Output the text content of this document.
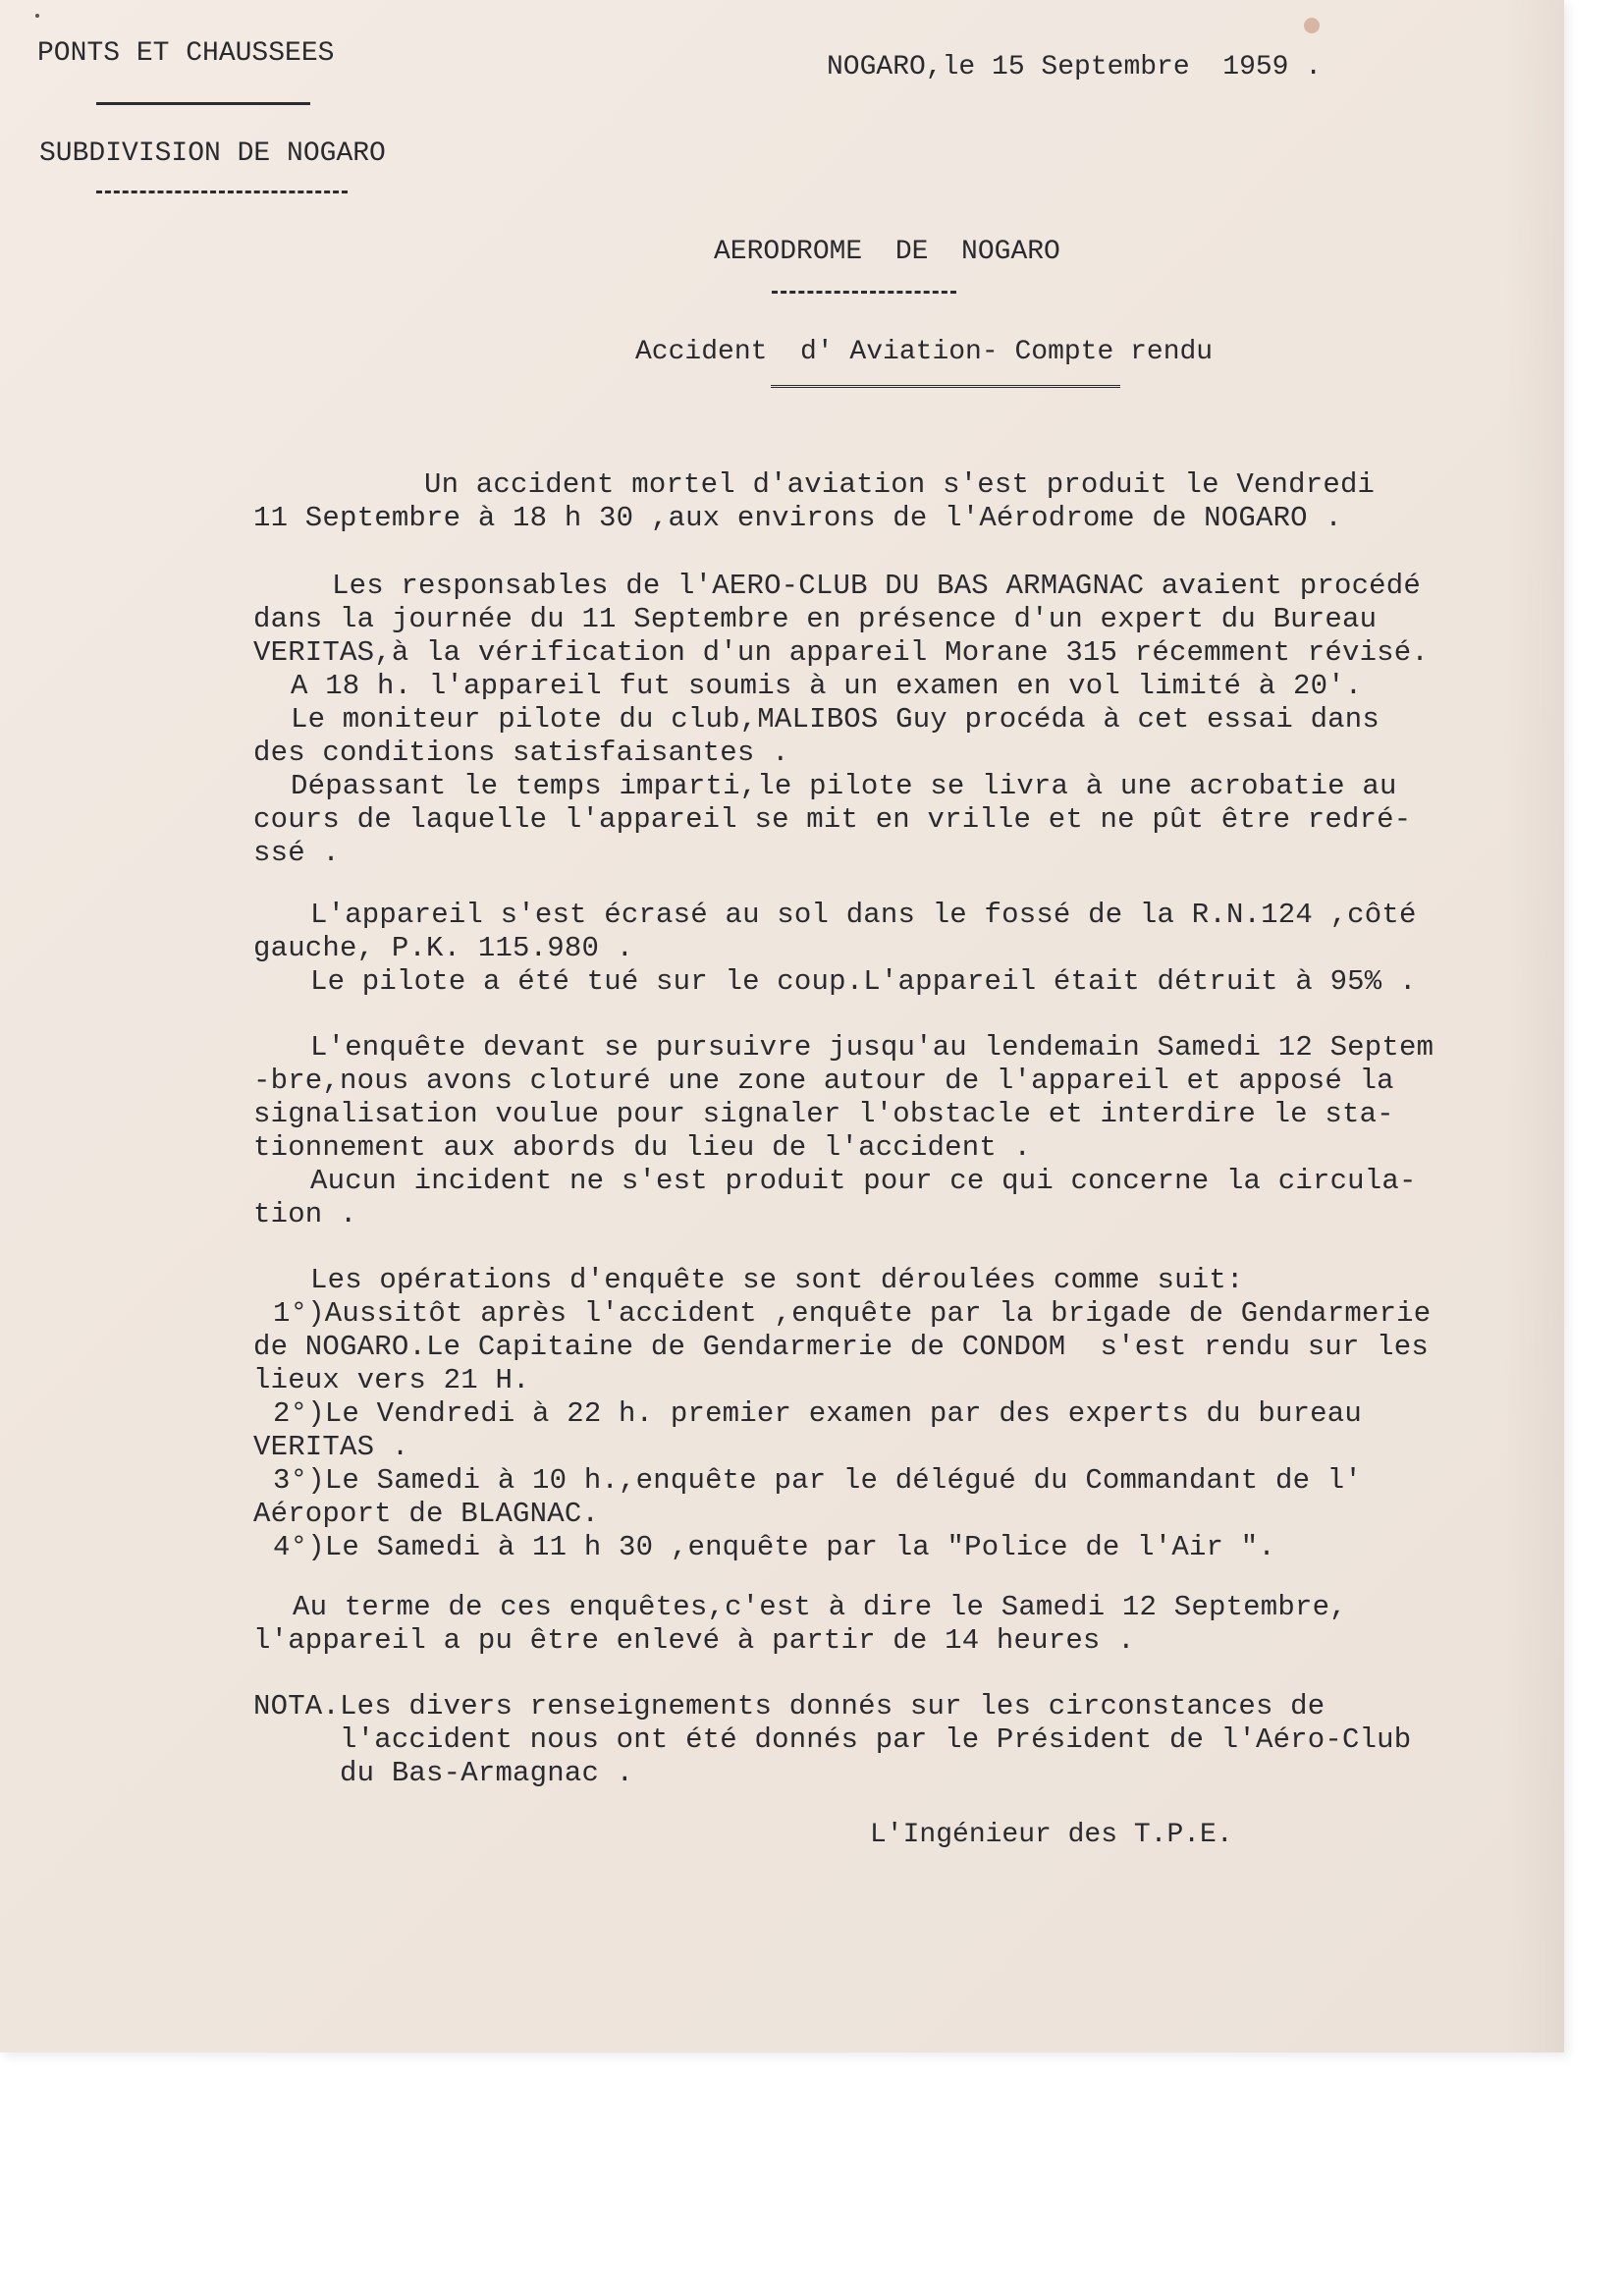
PONTS ET CHAUSSEES
SUBDIVISION DE NOGARO
NOGARO,le 15 Septembre  1959 .
AERODROME  DE  NOGARO
Accident  d' Aviation- Compte rendu
Un accident mortel d'aviation s'est produit le Vendredi
11 Septembre à 18 h 30 ,aux environs de l'Aérodrome de NOGARO .
Les responsables de l'AERO-CLUB DU BAS ARMAGNAC avaient procédé
dans la journée du 11 Septembre en présence d'un expert du Bureau
VERITAS,à la vérification d'un appareil Morane 315 récemment révisé.
A 18 h. l'appareil fut soumis à un examen en vol limité à 20'.
Le moniteur pilote du club,MALIBOS Guy procéda à cet essai dans
des conditions satisfaisantes .
Dépassant le temps imparti,le pilote se livra à une acrobatie au
cours de laquelle l'appareil se mit en vrille et ne pût être redré-
ssé .
L'appareil s'est écrasé au sol dans le fossé de la R.N.124 ,côté
gauche, P.K. 115.980 .
Le pilote a été tué sur le coup.L'appareil était détruit à 95% .
L'enquête devant se pursuivre jusqu'au lendemain Samedi 12 Septem
-bre,nous avons cloturé une zone autour de l'appareil et apposé la
signalisation voulue pour signaler l'obstacle et interdire le sta-
tionnement aux abords du lieu de l'accident .
Aucun incident ne s'est produit pour ce qui concerne la circula-
tion .
Les opérations d'enquête se sont déroulées comme suit:
1°)Aussitôt après l'accident ,enquête par la brigade de Gendarmerie
de NOGARO.Le Capitaine de Gendarmerie de CONDOM  s'est rendu sur les
lieux vers 21 H.
2°)Le Vendredi à 22 h. premier examen par des experts du bureau
VERITAS .
3°)Le Samedi à 10 h.,enquête par le délégué du Commandant de l'
Aéroport de BLAGNAC.
4°)Le Samedi à 11 h 30 ,enquête par la "Police de l'Air ".
Au terme de ces enquêtes,c'est à dire le Samedi 12 Septembre,
l'appareil a pu être enlevé à partir de 14 heures .
NOTA.Les divers renseignements donnés sur les circonstances de
l'accident nous ont été donnés par le Président de l'Aéro-Club
du Bas-Armagnac .
L'Ingénieur des T.P.E.
